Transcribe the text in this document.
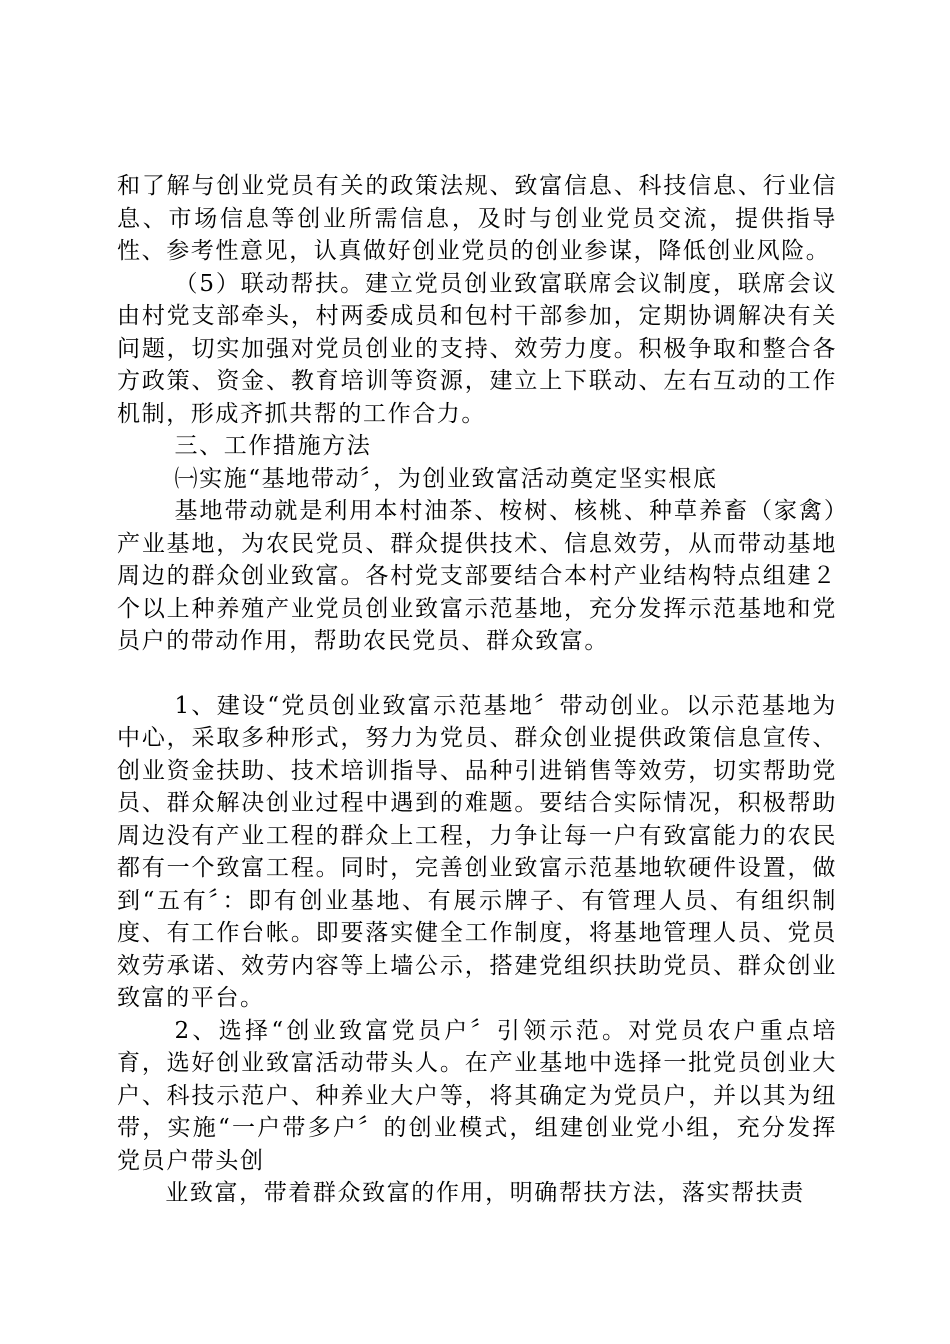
和了解与创业党员有关的政策法规、致富信息、科技信息、行业信息、市场信息等创业所需信息，及时与创业党员交流，提供指导性、参考性意见，认真做好创业党员的创业参谋，降低创业风险。

（5）联动帮扶。建立党员创业致富联席会议制度，联席会议由村党支部牵头，村两委成员和包村干部参加，定期协调解决有关问题，切实加强对党员创业的支持、效劳力度。积极争取和整合各方政策、资金、教育培训等资源，建立上下联动、左右互动的工作机制，形成齐抓共帮的工作合力。

三、工作措施方法

㈠实施“基地带动〞，为创业致富活动奠定坚实根底

基地带动就是利用本村油茶、桉树、核桃、种草养畜（家禽）产业基地，为农民党员、群众提供技术、信息效劳，从而带动基地周边的群众创业致富。各村党支部要结合本村产业结构特点组建２个以上种养殖产业党员创业致富示范基地，充分发挥示范基地和党员户的带动作用，帮助农民党员、群众致富。

1、建设“党员创业致富示范基地〞带动创业。以示范基地为中心，采取多种形式，努力为党员、群众创业提供政策信息宣传、创业资金扶助、技术培训指导、品种引进销售等效劳，切实帮助党员、群众解决创业过程中遇到的难题。要结合实际情况，积极帮助周边没有产业工程的群众上工程，力争让每一户有致富能力的农民都有一个致富工程。同时，完善创业致富示范基地软硬件设置，做到“五有〞：即有创业基地、有展示牌子、有管理人员、有组织制度、有工作台帐。即要落实健全工作制度，将基地管理人员、党员效劳承诺、效劳内容等上墙公示，搭建党组织扶助党员、群众创业致富的平台。

2、选择“创业致富党员户〞引领示范。对党员农户重点培育，选好创业致富活动带头人。在产业基地中选择一批党员创业大户、科技示范户、种养业大户等，将其确定为党员户，并以其为纽带，实施“一户带多户〞的创业模式，组建创业党小组，充分发挥党员户带头创

业致富，带着群众致富的作用，明确帮扶方法，落实帮扶责
